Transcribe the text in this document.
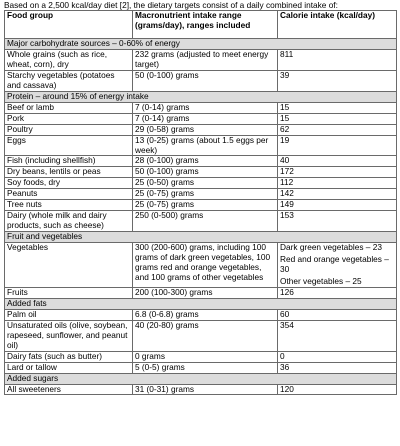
Based on a 2,500 kcal/day diet [2], the dietary targets consist of a daily combined intake of:
Food group	Macronutrient intake range (grams/day), ranges included	Calorie intake (kcal/day)
Major carbohydrate sources – 0-60% of energy		
Whole grains (such as rice, wheat, corn), dry	232 grams (adjusted to meet energy target)	811
Starchy vegetables (potatoes and cassava)	50 (0-100) grams	39
Protein – around 15% of energy intake		
Beef or lamb	7 (0-14) grams	15
Pork	7 (0-14) grams	15
Poultry	29 (0-58) grams	62
Eggs	13 (0-25) grams (about 1.5 eggs per week)	19
Fish (including shellfish)	28 (0-100) grams	40
Dry beans, lentils or peas	50 (0-100) grams	172
Soy foods, dry	25 (0-50) grams	112
Peanuts	25 (0-75) grams	142
Tree nuts	25 (0-75) grams	149
Dairy (whole milk and dairy products, such as cheese)	250 (0-500) grams	153
Fruit and vegetables		
Vegetables	300 (200-600) grams, including 100 grams of dark green vegetables, 100 grams red and orange vegetables, and 100 grams of other vegetables	Dark green vegetables – 23
Red and orange vegetables – 30
Other vegetables – 25

Fruits	200 (100-300) grams	126
Added fats		
Palm oil	6.8 (0-6.8) grams	60
Unsaturated oils (olive, soybean, rapeseed, sunflower, and peanut oil)	40 (20-80) grams	354
Dairy fats (such as butter)	0 grams	0
Lard or tallow	5 (0-5) grams	36
Added sugars		
All sweeteners	31 (0-31) grams	120
